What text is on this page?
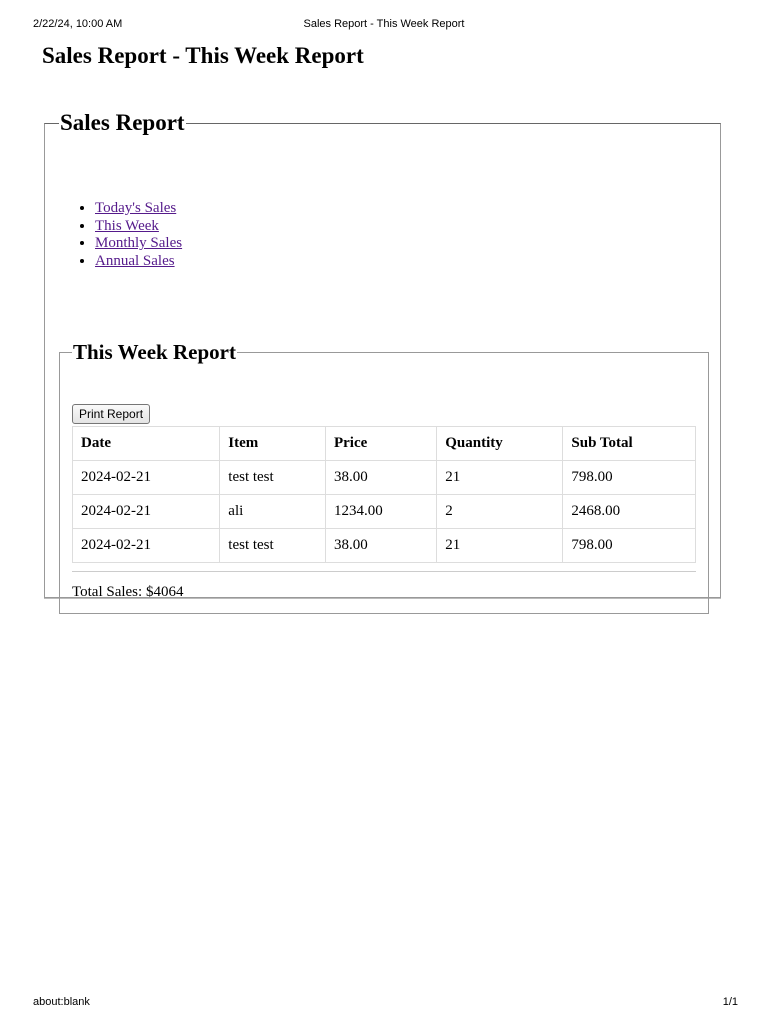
2/22/24, 10:00 AM	Sales Report - This Week Report
Sales Report - This Week Report
Sales Report
• Today's Sales
• This Week
• Monthly Sales
• Annual Sales
This Week Report
Print Report
Date	Item	Price	Quantity	Sub Total
2024-02-21	test test	38.00	21	798.00
2024-02-21	ali	1234.00	2	2468.00
2024-02-21	test test	38.00	21	798.00
Total Sales: $4064
about:blank	1/1
